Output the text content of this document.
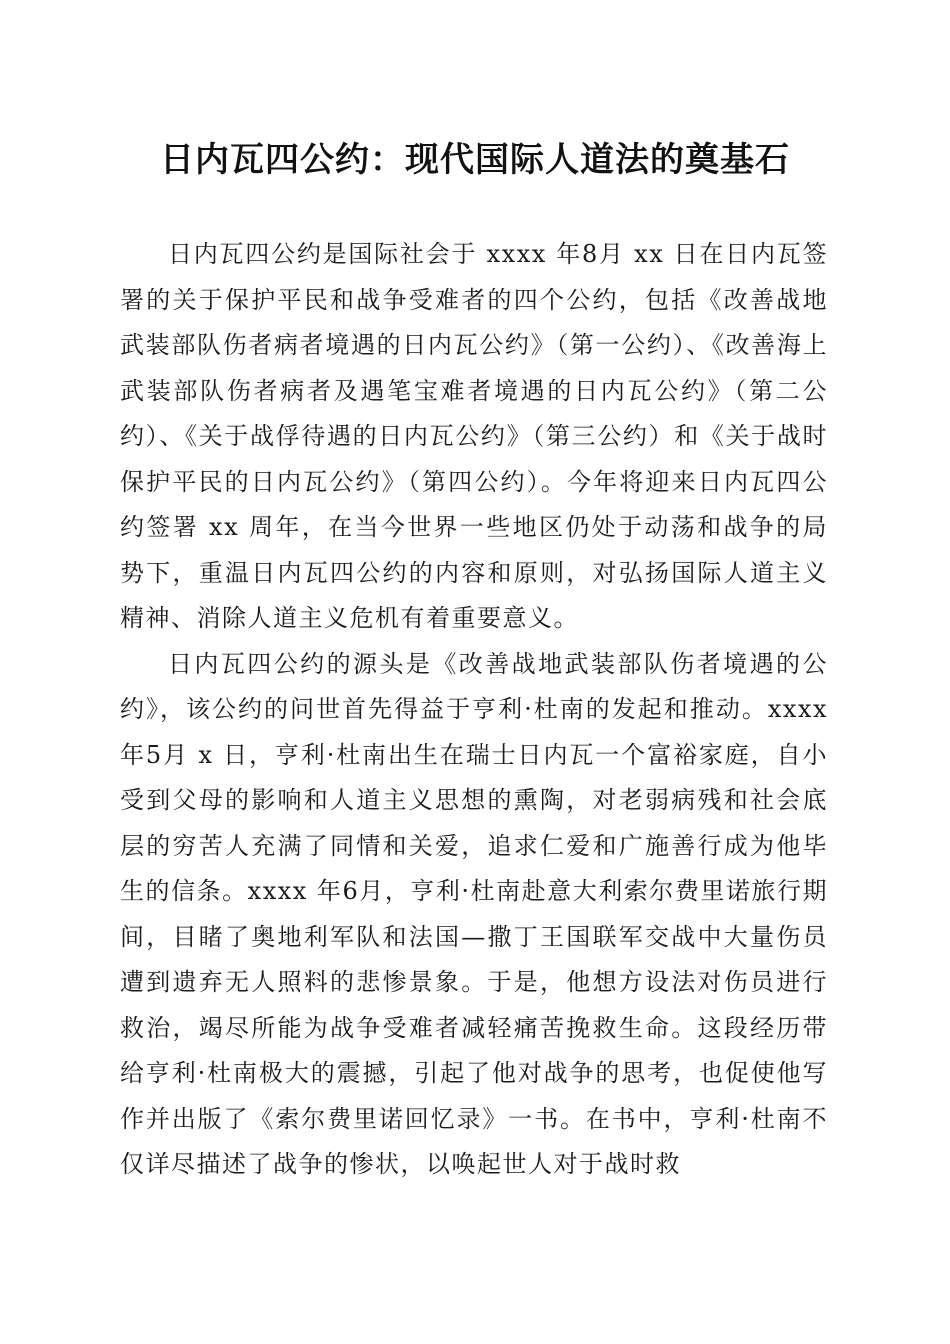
日内瓦四公约：现代国际人道法的奠基石

日内瓦四公约是国际社会于 xxxx 年8月 xx 日在日内瓦签署的关于保护平民和战争受难者的四个公约，包括《改善战地武装部队伤者病者境遇的日内瓦公约》（第一公约）、《改善海上武装部队伤者病者及遇笔宝难者境遇的日内瓦公约》（第二公约）、《关于战俘待遇的日内瓦公约》（第三公约）和《关于战时保护平民的日内瓦公约》（第四公约）。今年将迎来日内瓦四公约签署 xx 周年，在当今世界一些地区仍处于动荡和战争的局势下，重温日内瓦四公约的内容和原则，对弘扬国际人道主义精神、消除人道主义危机有着重要意义。

日内瓦四公约的源头是《改善战地武装部队伤者境遇的公约》，该公约的问世首先得益于亨利·杜南的发起和推动。xxxx 年5月 x 日，亨利·杜南出生在瑞士日内瓦一个富裕家庭，自小受到父母的影响和人道主义思想的熏陶，对老弱病残和社会底层的穷苦人充满了同情和关爱，追求仁爱和广施善行成为他毕生的信条。xxxx 年6月，亨利·杜南赴意大利索尔费里诺旅行期间，目睹了奥地利军队和法国—撒丁王国联军交战中大量伤员遭到遗弃无人照料的悲惨景象。于是，他想方设法对伤员进行救治，竭尽所能为战争受难者减轻痛苦挽救生命。这段经历带给亨利·杜南极大的震撼，引起了他对战争的思考，也促使他写作并出版了《索尔费里诺回忆录》一书。在书中，亨利·杜南不仅详尽描述了战争的惨状，以唤起世人对于战时救
